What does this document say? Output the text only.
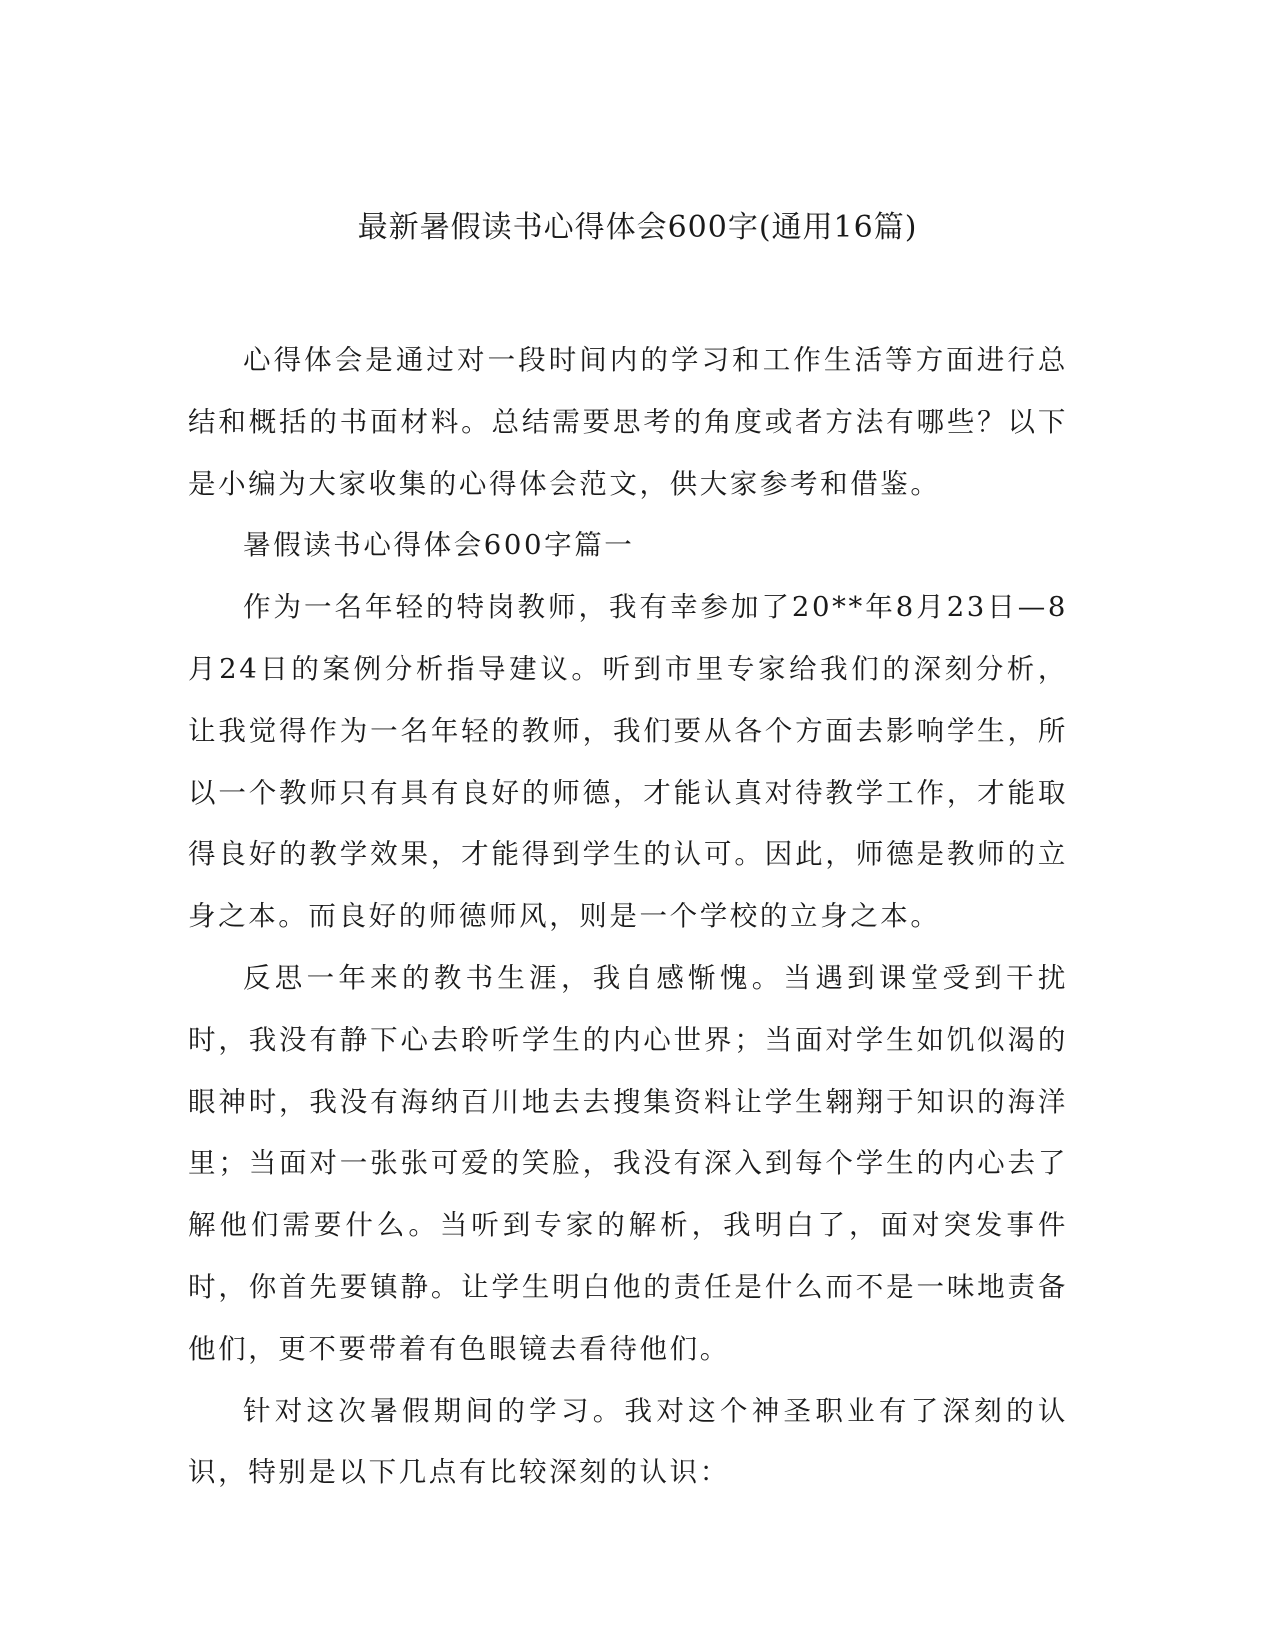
最新暑假读书心得体会600字(通用16篇)

心得体会是通过对一段时间内的学习和工作生活等方面进行总结和概括的书面材料。总结需要思考的角度或者方法有哪些？以下是小编为大家收集的心得体会范文，供大家参考和借鉴。

暑假读书心得体会600字篇一

作为一名年轻的特岗教师，我有幸参加了20**年8月23日—8月24日的案例分析指导建议。听到市里专家给我们的深刻分析，让我觉得作为一名年轻的教师，我们要从各个方面去影响学生，所以一个教师只有具有良好的师德，才能认真对待教学工作，才能取得良好的教学效果，才能得到学生的认可。因此，师德是教师的立身之本。而良好的师德师风，则是一个学校的立身之本。

反思一年来的教书生涯，我自感惭愧。当遇到课堂受到干扰时，我没有静下心去聆听学生的内心世界；当面对学生如饥似渴的眼神时，我没有海纳百川地去去搜集资料让学生翱翔于知识的海洋里；当面对一张张可爱的笑脸，我没有深入到每个学生的内心去了解他们需要什么。当听到专家的解析，我明白了，面对突发事件时，你首先要镇静。让学生明白他的责任是什么而不是一味地责备他们，更不要带着有色眼镜去看待他们。

针对这次暑假期间的学习。我对这个神圣职业有了深刻的认识，特别是以下几点有比较深刻的认识：
